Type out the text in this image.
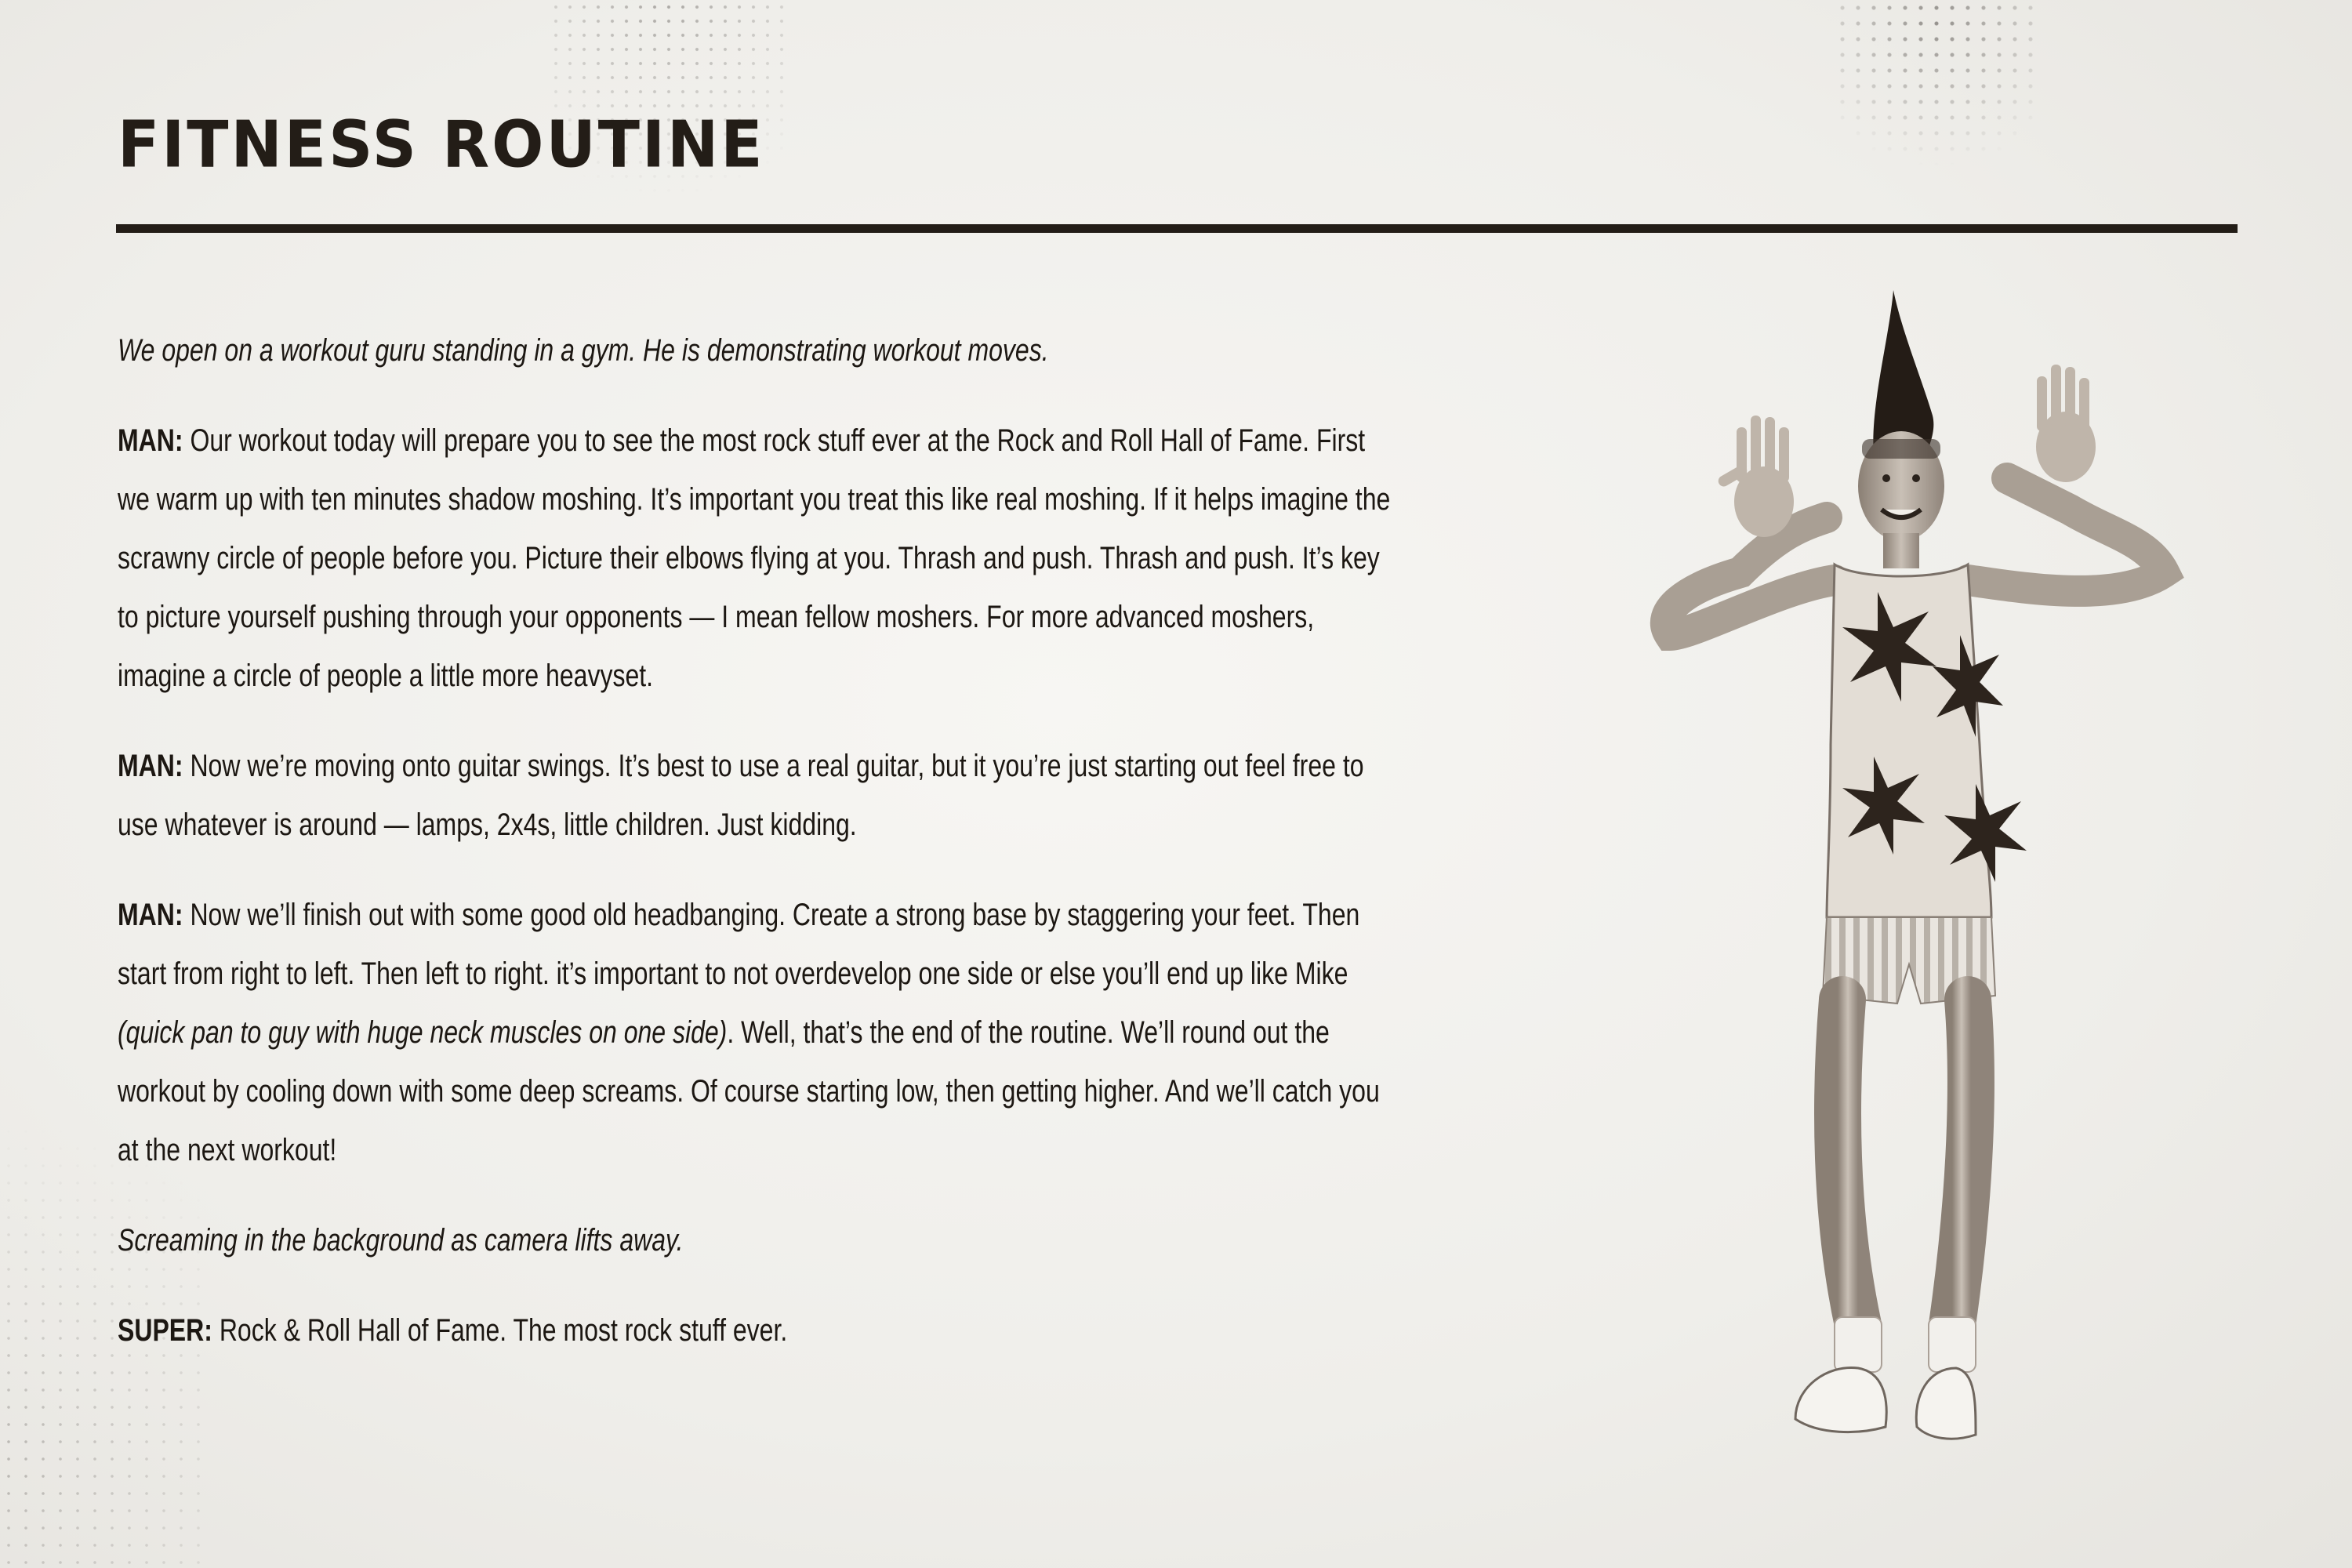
FITNESS ROUTINE

We open on a workout guru standing in a gym. He is demonstrating workout moves.

MAN: Our workout today will prepare you to see the most rock stuff ever at the Rock and Roll Hall of Fame. First we warm up with ten minutes shadow moshing. It’s important you treat this like real moshing. If it helps imagine the scrawny circle of people before you. Picture their elbows flying at you. Thrash and push. Thrash and push. It’s key to picture yourself pushing through your opponents — I mean fellow moshers. For more advanced moshers, imagine a circle of people a little more heavyset.

MAN: Now we’re moving onto guitar swings. It’s best to use a real guitar, but it you’re just starting out feel free to use whatever is around — lamps, 2x4s, little children. Just kidding.

MAN: Now we’ll finish out with some good old headbanging. Create a strong base by staggering your feet. Then start from right to left. Then left to right. it’s important to not overdevelop one side or else you’ll end up like Mike (quick pan to guy with huge neck muscles on one side). Well, that’s the end of the routine. We’ll round out the workout by cooling down with some deep screams. Of course starting low, then getting higher. And we’ll catch you at the next workout!

Screaming in the background as camera lifts away.

SUPER: Rock & Roll Hall of Fame. The most rock stuff ever.
